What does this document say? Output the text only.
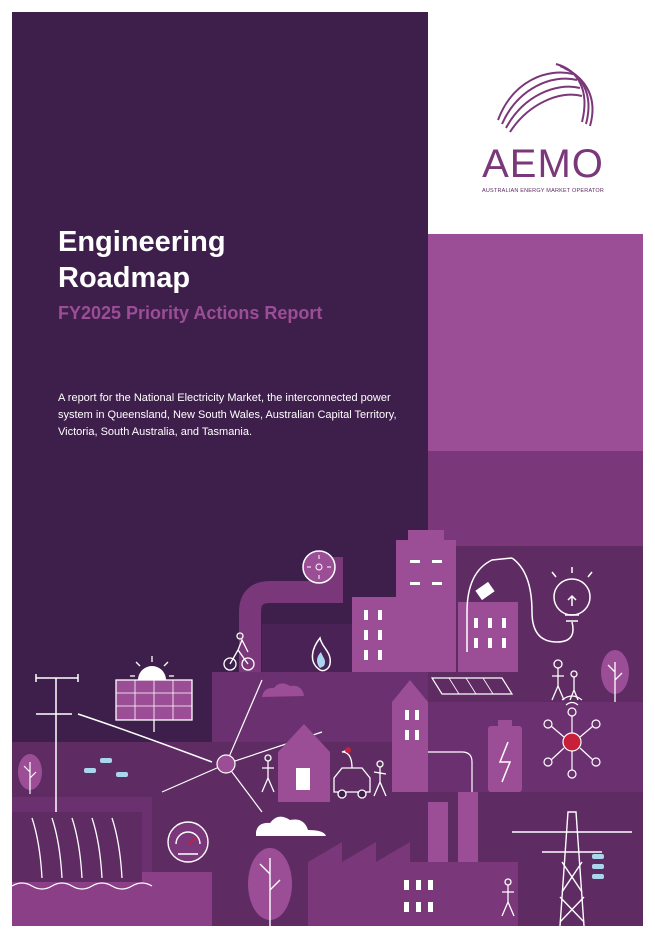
AEMO
AUSTRALIAN ENERGY MARKET OPERATOR
Engineering
Roadmap
FY2025 Priority Actions Report
A report for the National Electricity Market, the interconnected power system in Queensland, New South Wales, Australian Capital Territory, Victoria, South Australia, and Tasmania.
